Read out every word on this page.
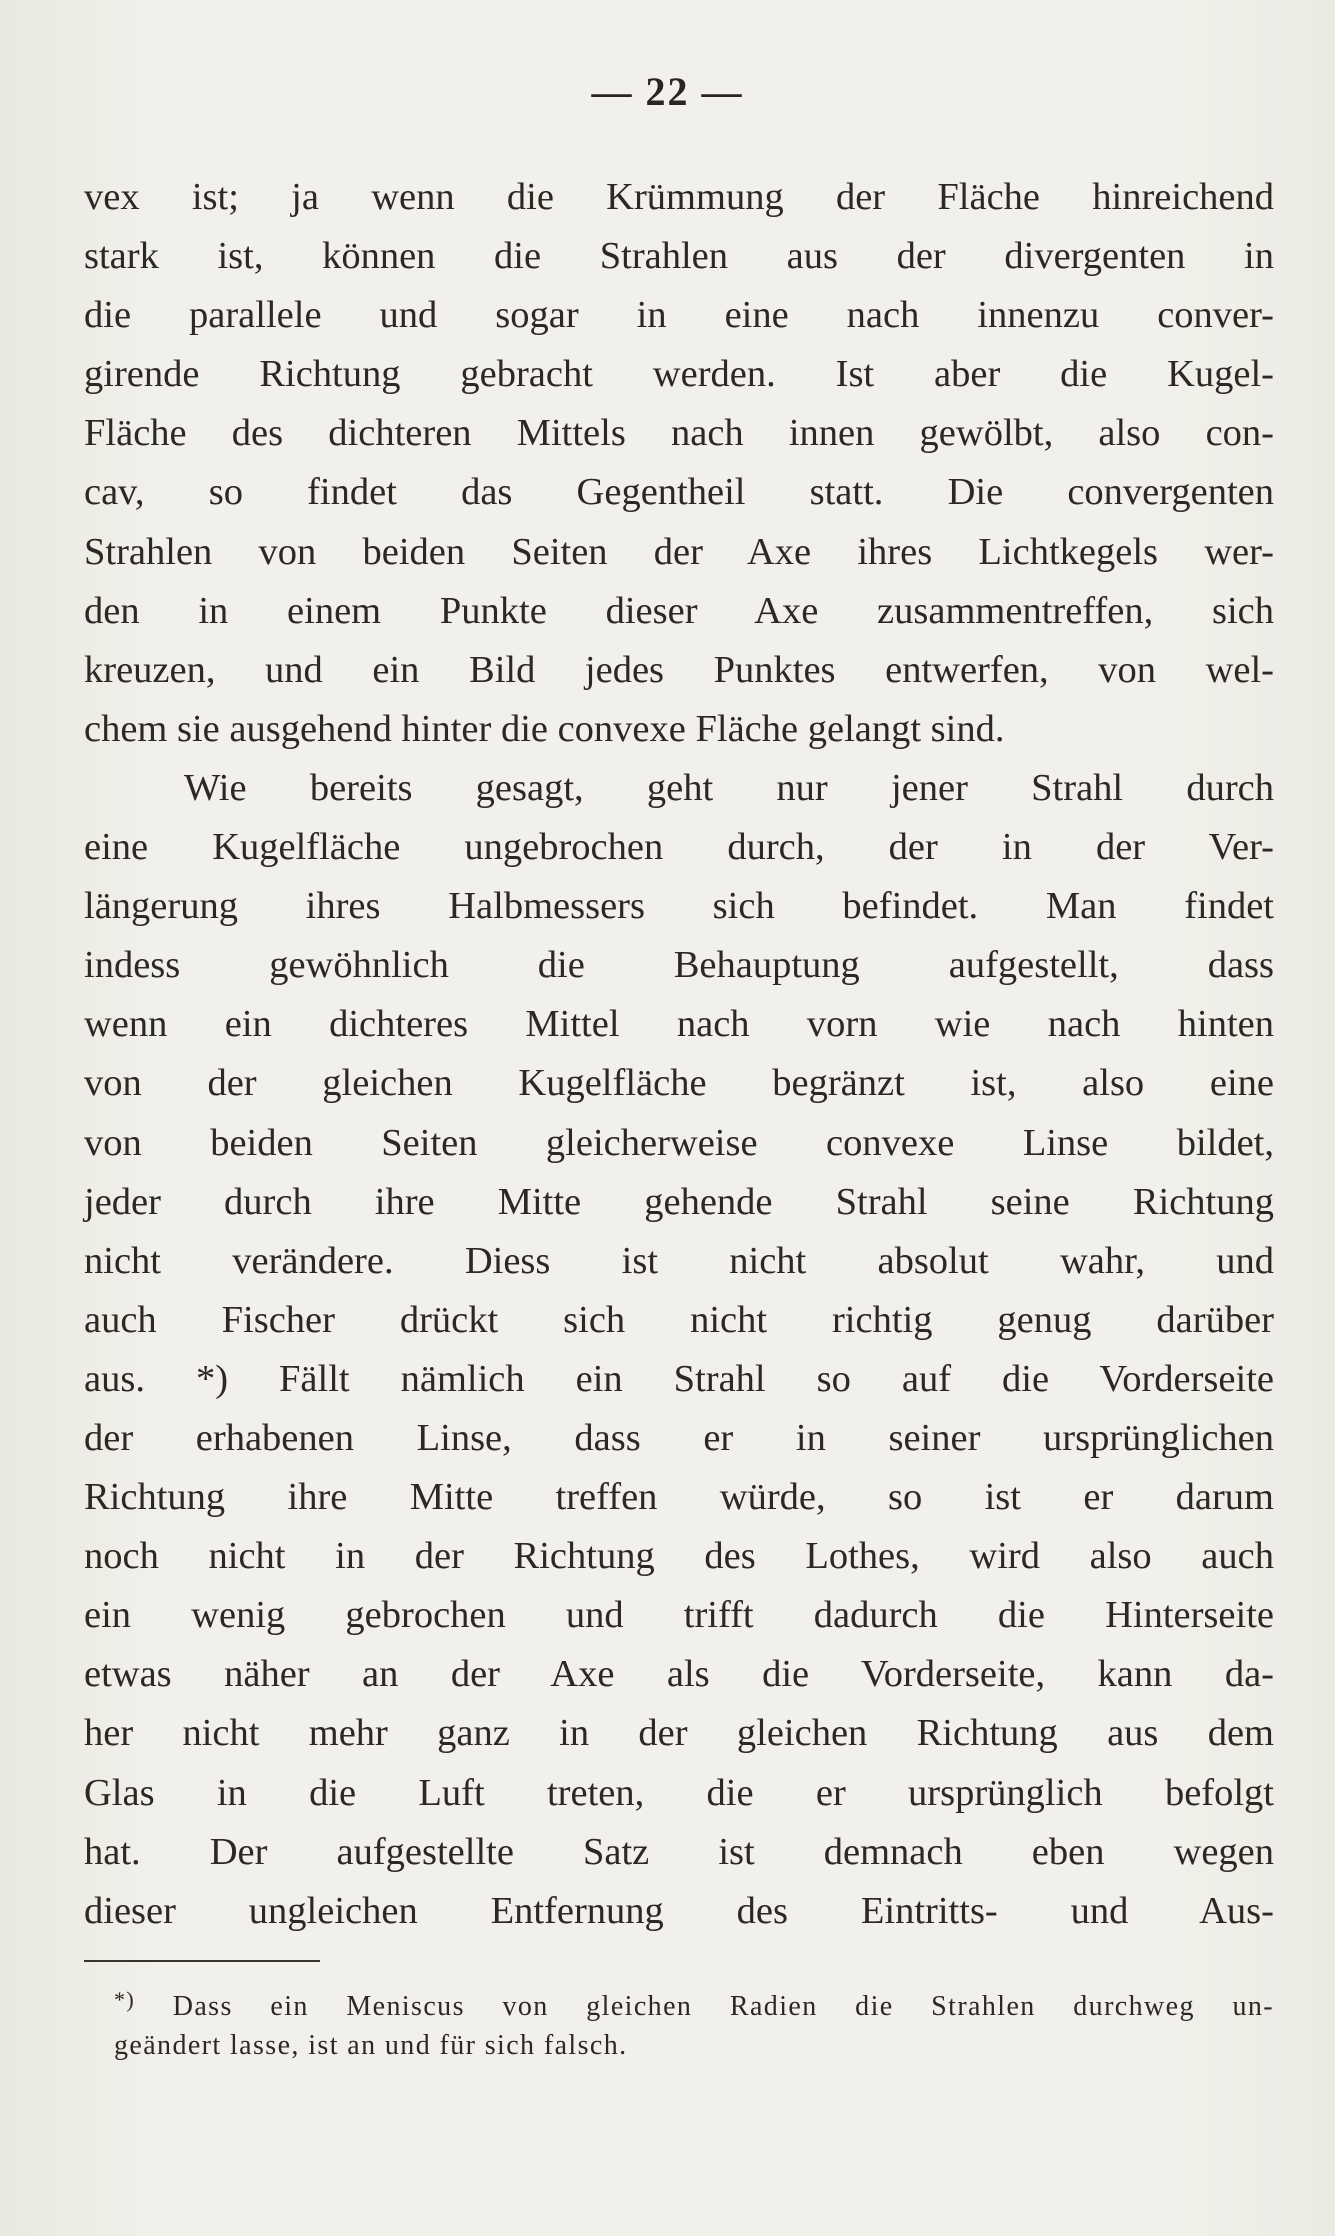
— 22 —
vex ist; ja wenn die Krümmung der Fläche hinreichend
stark ist, können die Strahlen aus der divergenten in
die parallele und sogar in eine nach innenzu conver-
girende Richtung gebracht werden. Ist aber die Kugel-
Fläche des dichteren Mittels nach innen gewölbt, also con-
cav, so findet das Gegentheil statt. Die convergenten
Strahlen von beiden Seiten der Axe ihres Lichtkegels wer-
den in einem Punkte dieser Axe zusammentreffen, sich
kreuzen, und ein Bild jedes Punktes entwerfen, von wel-
chem sie ausgehend hinter die convexe Fläche gelangt sind.
Wie bereits gesagt, geht nur jener Strahl durch
eine Kugelfläche ungebrochen durch, der in der Ver-
längerung ihres Halbmessers sich befindet. Man findet
indess gewöhnlich die Behauptung aufgestellt, dass
wenn ein dichteres Mittel nach vorn wie nach hinten
von der gleichen Kugelfläche begränzt ist, also eine
von beiden Seiten gleicherweise convexe Linse bildet,
jeder durch ihre Mitte gehende Strahl seine Richtung
nicht verändere. Diess ist nicht absolut wahr, und
auch Fischer drückt sich nicht richtig genug darüber
aus. *) Fällt nämlich ein Strahl so auf die Vorderseite
der erhabenen Linse, dass er in seiner ursprünglichen
Richtung ihre Mitte treffen würde, so ist er darum
noch nicht in der Richtung des Lothes, wird also auch
ein wenig gebrochen und trifft dadurch die Hinterseite
etwas näher an der Axe als die Vorderseite, kann da-
her nicht mehr ganz in der gleichen Richtung aus dem
Glas in die Luft treten, die er ursprünglich befolgt
hat. Der aufgestellte Satz ist demnach eben wegen
dieser ungleichen Entfernung des Eintritts- und Aus-
*) Dass ein Meniscus von gleichen Radien die Strahlen durchweg un-
geändert lasse, ist an und für sich falsch.
